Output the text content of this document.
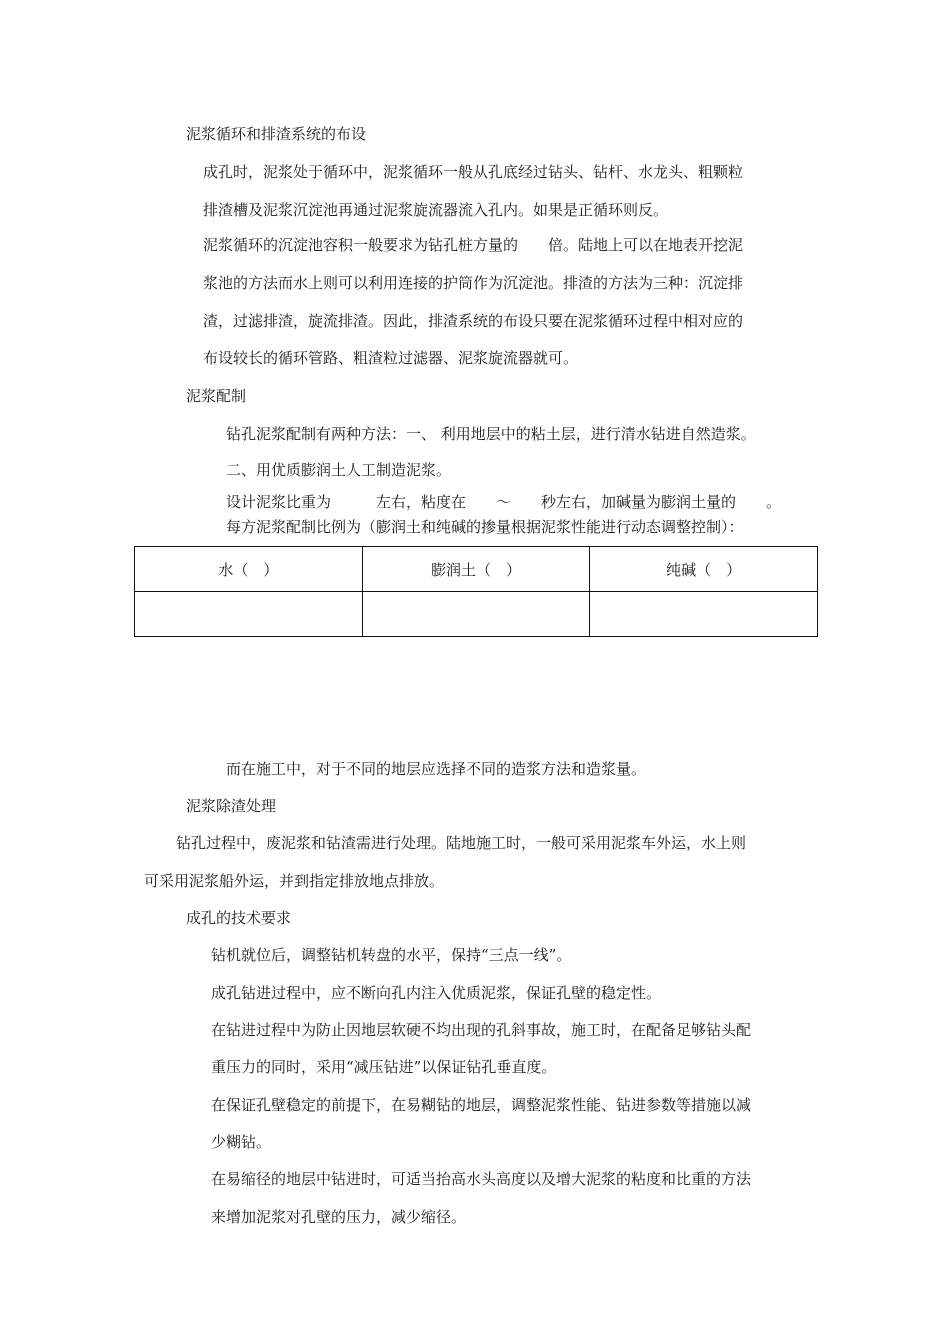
泥浆循环和排渣系统的布设

成孔时，泥浆处于循环中，泥浆循环一般从孔底经过钻头、钻杆、水龙头、粗颗粒

排渣槽及泥浆沉淀池再通过泥浆旋流器流入孔内。如果是正循环则反。

泥浆循环的沉淀池容积一般要求为钻孔桩方量的　　倍。陆地上可以在地表开挖泥

浆池的方法而水上则可以利用连接的护筒作为沉淀池。排渣的方法为三种：沉淀排

渣，过滤排渣，旋流排渣。因此，排渣系统的布设只要在泥浆循环过程中相对应的

布设较长的循环管路、粗渣粒过滤器、泥浆旋流器就可。

泥浆配制

钻孔泥浆配制有两种方法：一、 利用地层中的粘土层，进行清水钻进自然造浆。

二、用优质膨润土人工制造泥浆。

设计泥浆比重为　　　左右，粘度在　　～　　秒左右，加碱量为膨润土量的　　。

每方泥浆配制比例为（膨润土和纯碱的掺量根据泥浆性能进行动态调整控制）：

水（　）	膨润土（　）	纯碱（　）

而在施工中，对于不同的地层应选择不同的造浆方法和造浆量。

泥浆除渣处理

钻孔过程中，废泥浆和钻渣需进行处理。陆地施工时，一般可采用泥浆车外运，水上则

可采用泥浆船外运，并到指定排放地点排放。

成孔的技术要求

钻机就位后，调整钻机转盘的水平，保持“三点一线”。

成孔钻进过程中，应不断向孔内注入优质泥浆，保证孔壁的稳定性。

在钻进过程中为防止因地层软硬不均出现的孔斜事故，施工时，在配备足够钻头配

重压力的同时，采用“减压钻进”以保证钻孔垂直度。

在保证孔壁稳定的前提下，在易糊钻的地层，调整泥浆性能、钻进参数等措施以减

少糊钻。

在易缩径的地层中钻进时，可适当抬高水头高度以及增大泥浆的粘度和比重的方法

来增加泥浆对孔壁的压力，减少缩径。
